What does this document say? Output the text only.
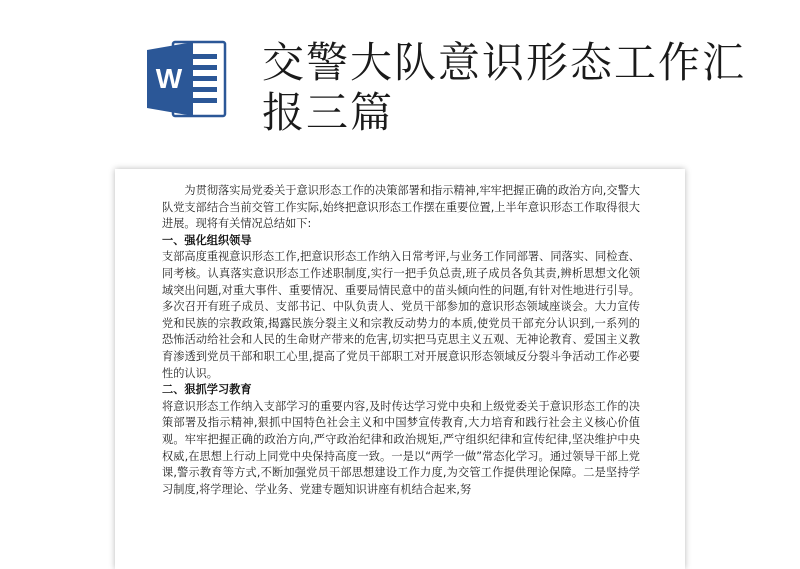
W 交警大队意识形态工作汇报三篇

为贯彻落实局党委关于意识形态工作的决策部署和指示精神,牢牢把握正确的政治方向,交警大队党支部结合当前交管工作实际,始终把意识形态工作摆在重要位置,上半年意识形态工作取得很大进展。现将有关情况总结如下:

一、强化组织领导

支部高度重视意识形态工作,把意识形态工作纳入日常考评,与业务工作同部署、同落实、同检查、同考核。认真落实意识形态工作述职制度,实行一把手负总责,班子成员各负其责,辨析思想文化领域突出问题,对重大事件、重要情况、重要局情民意中的苗头倾向性的问题,有针对性地进行引导。多次召开有班子成员、支部书记、中队负责人、党员干部参加的意识形态领域座谈会。大力宣传党和民族的宗教政策,揭露民族分裂主义和宗教反动势力的本质,使党员干部充分认识到,一系列的恐怖活动给社会和人民的生命财产带来的危害,切实把马克思主义五观、无神论教育、爱国主义教育渗透到党员干部和职工心里,提高了党员干部职工对开展意识形态领域反分裂斗争活动工作必要性的认识。

二、狠抓学习教育

将意识形态工作纳入支部学习的重要内容,及时传达学习党中央和上级党委关于意识形态工作的决策部署及指示精神,狠抓中国特色社会主义和中国梦宣传教育,大力培育和践行社会主义核心价值观。牢牢把握正确的政治方向,严守政治纪律和政治规矩,严守组织纪律和宣传纪律,坚决维护中央权威,在思想上行动上同党中央保持高度一致。一是以“两学一做”常态化学习。通过领导干部上党课,警示教育等方式,不断加强党员干部思想建设工作力度,为交管工作提供理论保障。二是坚持学习制度,将学理论、学业务、党建专题知识讲座有机结合起来,努
